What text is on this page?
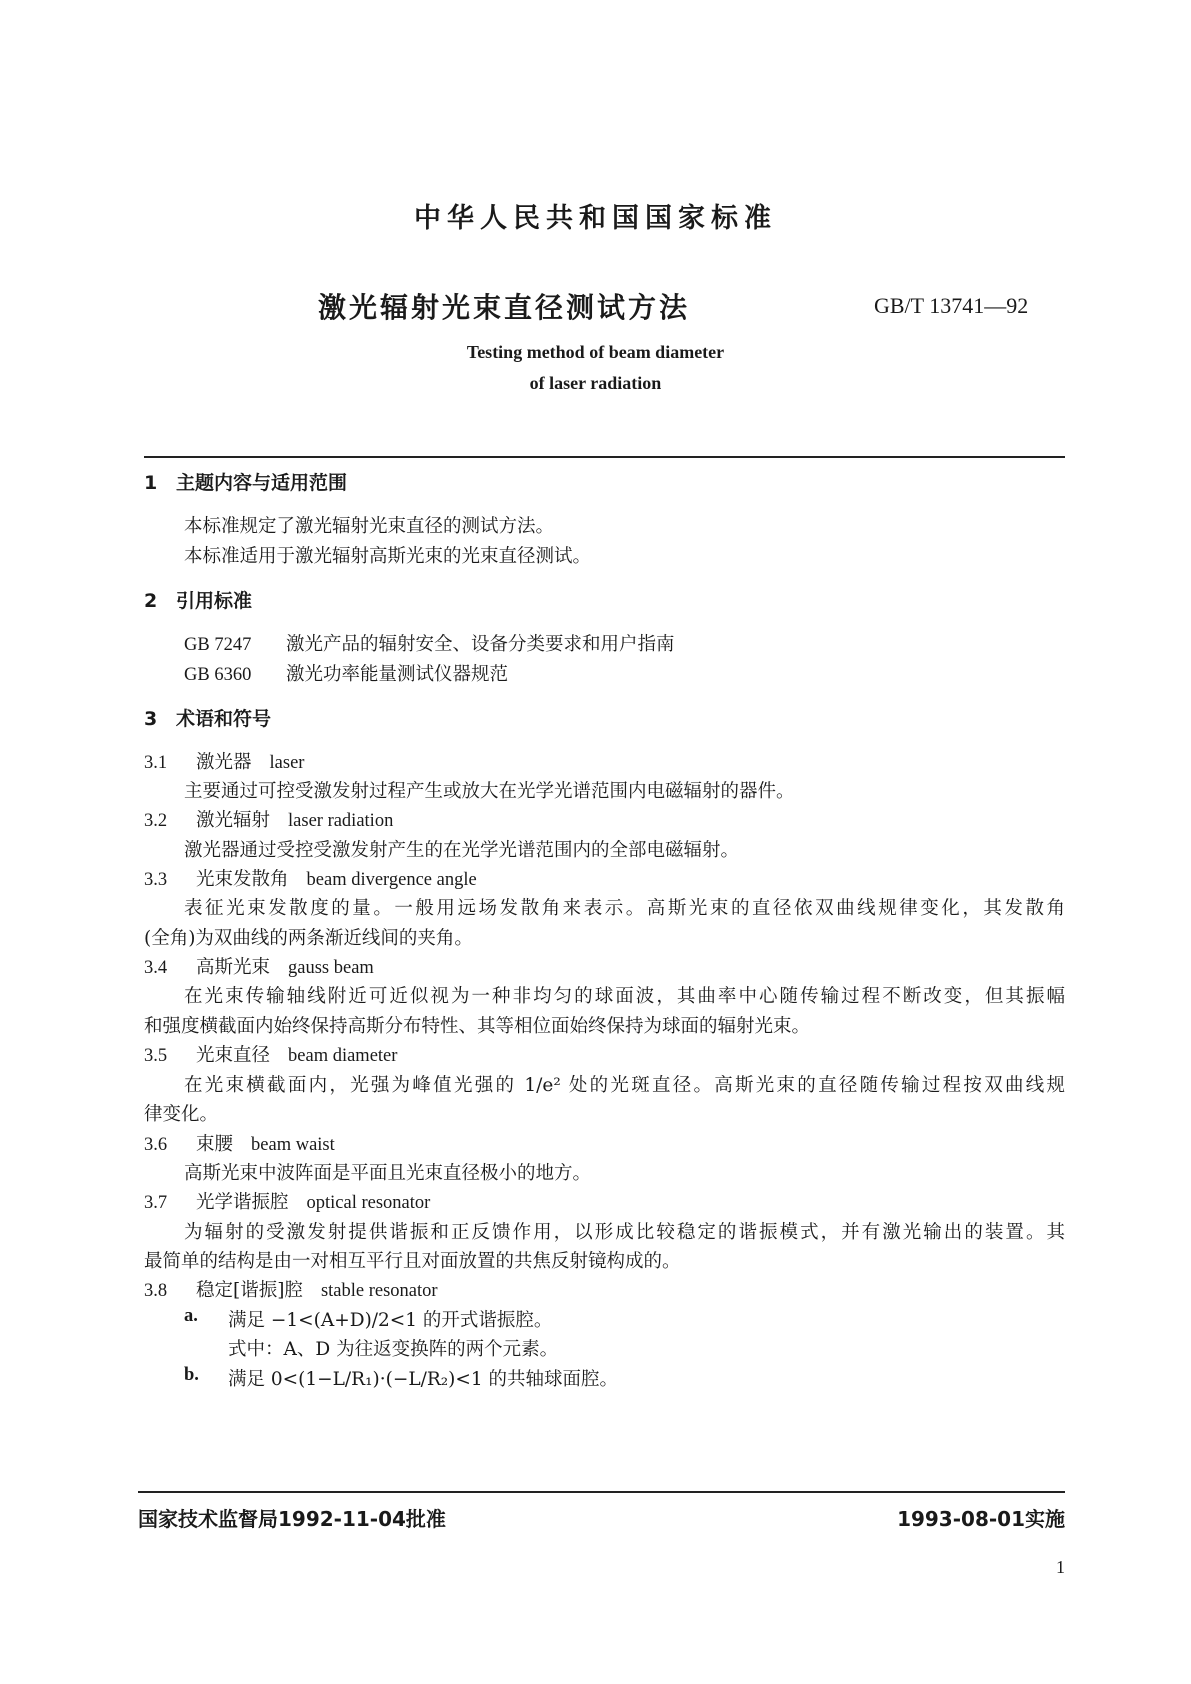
中华人民共和国国家标准
激光辐射光束直径测试方法	GB/T 13741—92
Testing method of beam diameter
of laser radiation
1 主题内容与适用范围
本标准规定了激光辐射光束直径的测试方法。
本标准适用于激光辐射高斯光束的光束直径测试。
2 引用标准
GB 7247 激光产品的辐射安全、设备分类要求和用户指南
GB 6360 激光功率能量测试仪器规范
3 术语和符号
3.1 激光器 laser
主要通过可控受激发射过程产生或放大在光学光谱范围内电磁辐射的器件。
3.2 激光辐射 laser radiation
激光器通过受控受激发射产生的在光学光谱范围内的全部电磁辐射。
3.3 光束发散角 beam divergence angle
表征光束发散度的量。一般用远场发散角来表示。高斯光束的直径依双曲线规律变化，其发散角
(全角)为双曲线的两条渐近线间的夹角。
3.4 高斯光束 gauss beam
在光束传输轴线附近可近似视为一种非均匀的球面波，其曲率中心随传输过程不断改变，但其振幅
和强度横截面内始终保持高斯分布特性、其等相位面始终保持为球面的辐射光束。
3.5 光束直径 beam diameter
在光束横截面内，光强为峰值光强的 1/e² 处的光斑直径。高斯光束的直径随传输过程按双曲线规
律变化。
3.6 束腰 beam waist
高斯光束中波阵面是平面且光束直径极小的地方。
3.7 光学谐振腔 optical resonator
为辐射的受激发射提供谐振和正反馈作用，以形成比较稳定的谐振模式，并有激光输出的装置。其
最简单的结构是由一对相互平行且对面放置的共焦反射镜构成的。
3.8 稳定[谐振]腔 stable resonator
a. 满足 −1<(A+D)/2<1 的开式谐振腔。
式中：A、D 为往返变换阵的两个元素。
b. 满足 0<(1−L/R₁)·(−L/R₂)<1 的共轴球面腔。
国家技术监督局1992-11-04批准	1993-08-01实施
1
